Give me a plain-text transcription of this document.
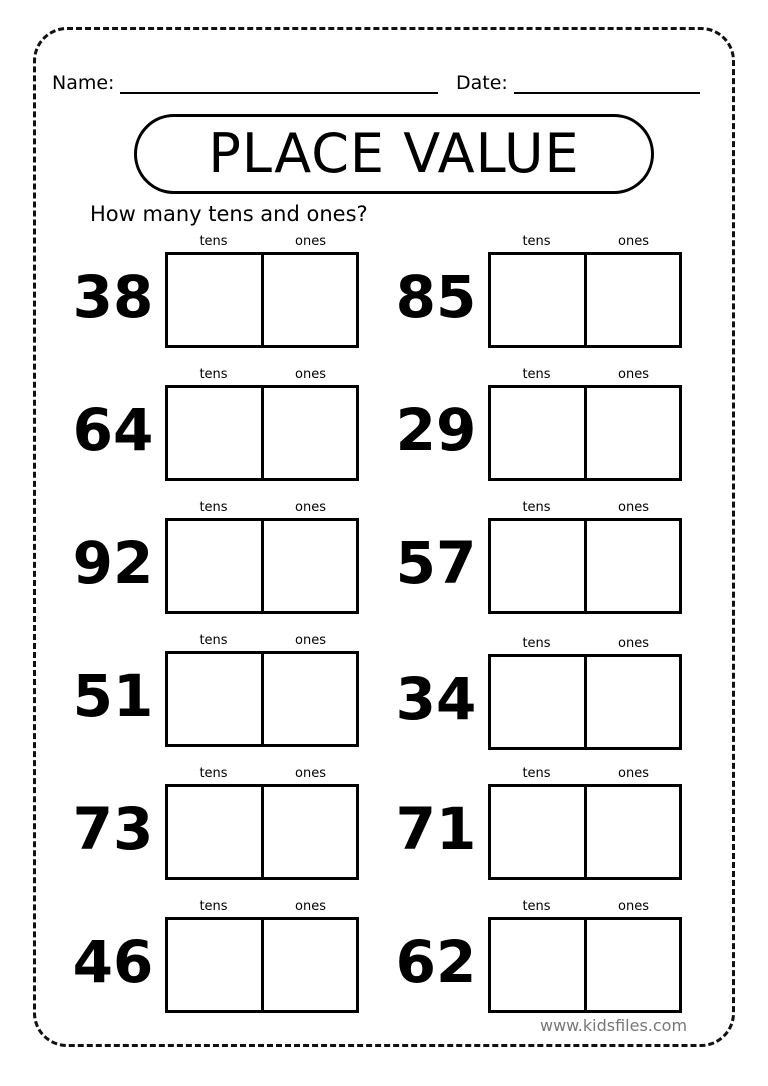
Name:	Date:
PLACE VALUE
How many tens and ones?
38
tens	ones
64
tens	ones
92
tens	ones
51
tens	ones
73
tens	ones
46
tens	ones
85
tens	ones
29
tens	ones
57
tens	ones
34
tens	ones
71
tens	ones
62
tens	ones
www.kidsfiles.com
